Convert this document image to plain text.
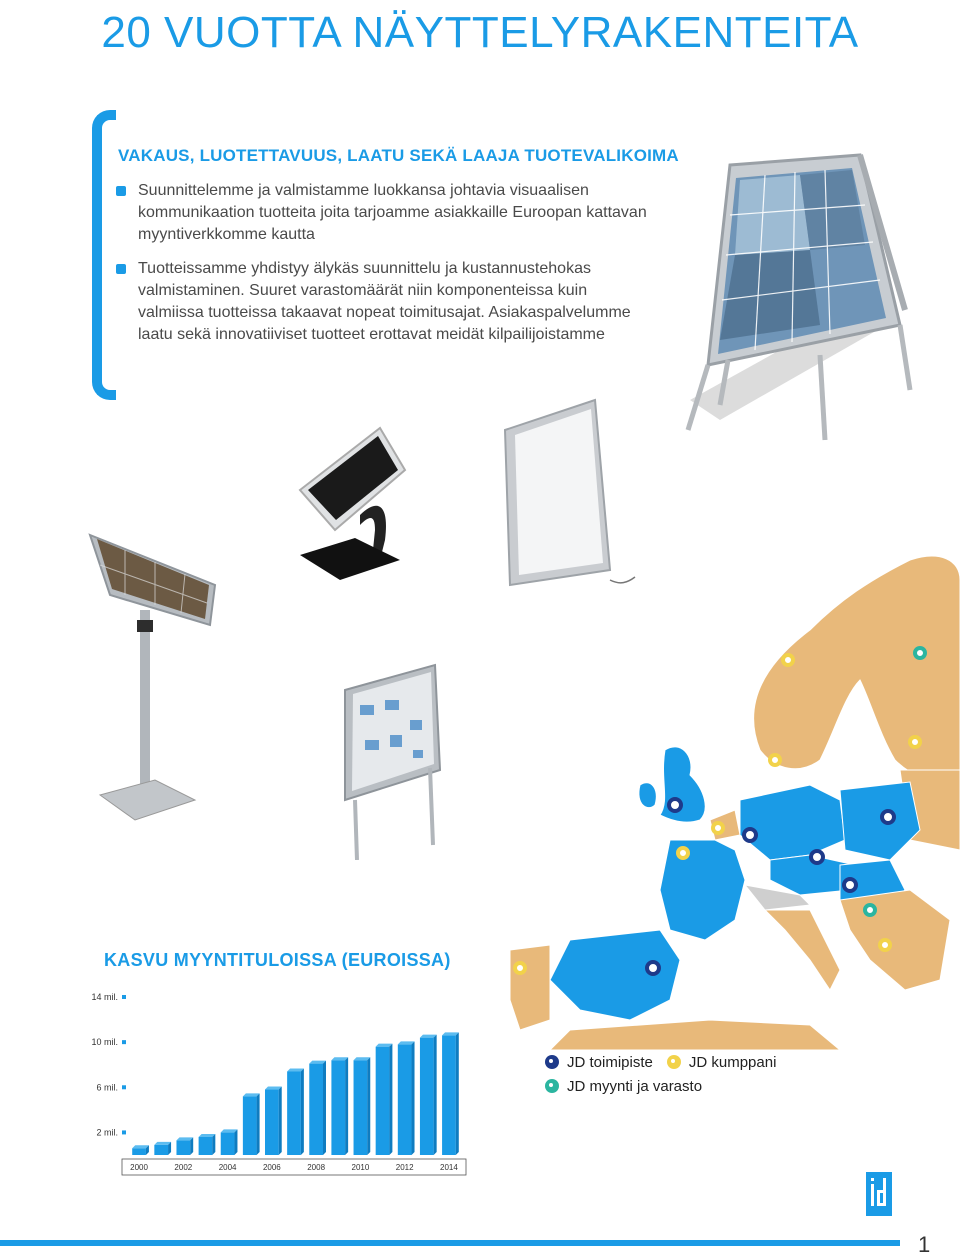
20 VUOTTA NÄYTTELYRAKENTEITA
VAKAUS, LUOTETTAVUUS, LAATU SEKÄ LAAJA TUOTEVALIKOIMA
Suunnittelemme ja valmistamme luokkansa johtavia visuaalisen kommunikaation tuotteita joita tarjoamme asiakkaille Euroopan kattavan myyntiverkkomme kautta
Tuotteissamme yhdistyy älykäs suunnittelu ja kustannustehokas valmistaminen. Suuret varastomäärät niin komponenteissa kuin valmiissa tuotteissa takaavat nopeat toimitusajat. Asiakaspalvelumme laatu sekä innovatiiviset tuotteet erottavat meidät kilpailijoistamme
KASVU MYYNTITULOISSA (EUROISSA)
14 mil.
10 mil.
6 mil.
2 mil.
2000	2002	2004	2006	2008	2010	2012	2014
JD toimipiste JD kumppani
JD myynti ja varasto
1
